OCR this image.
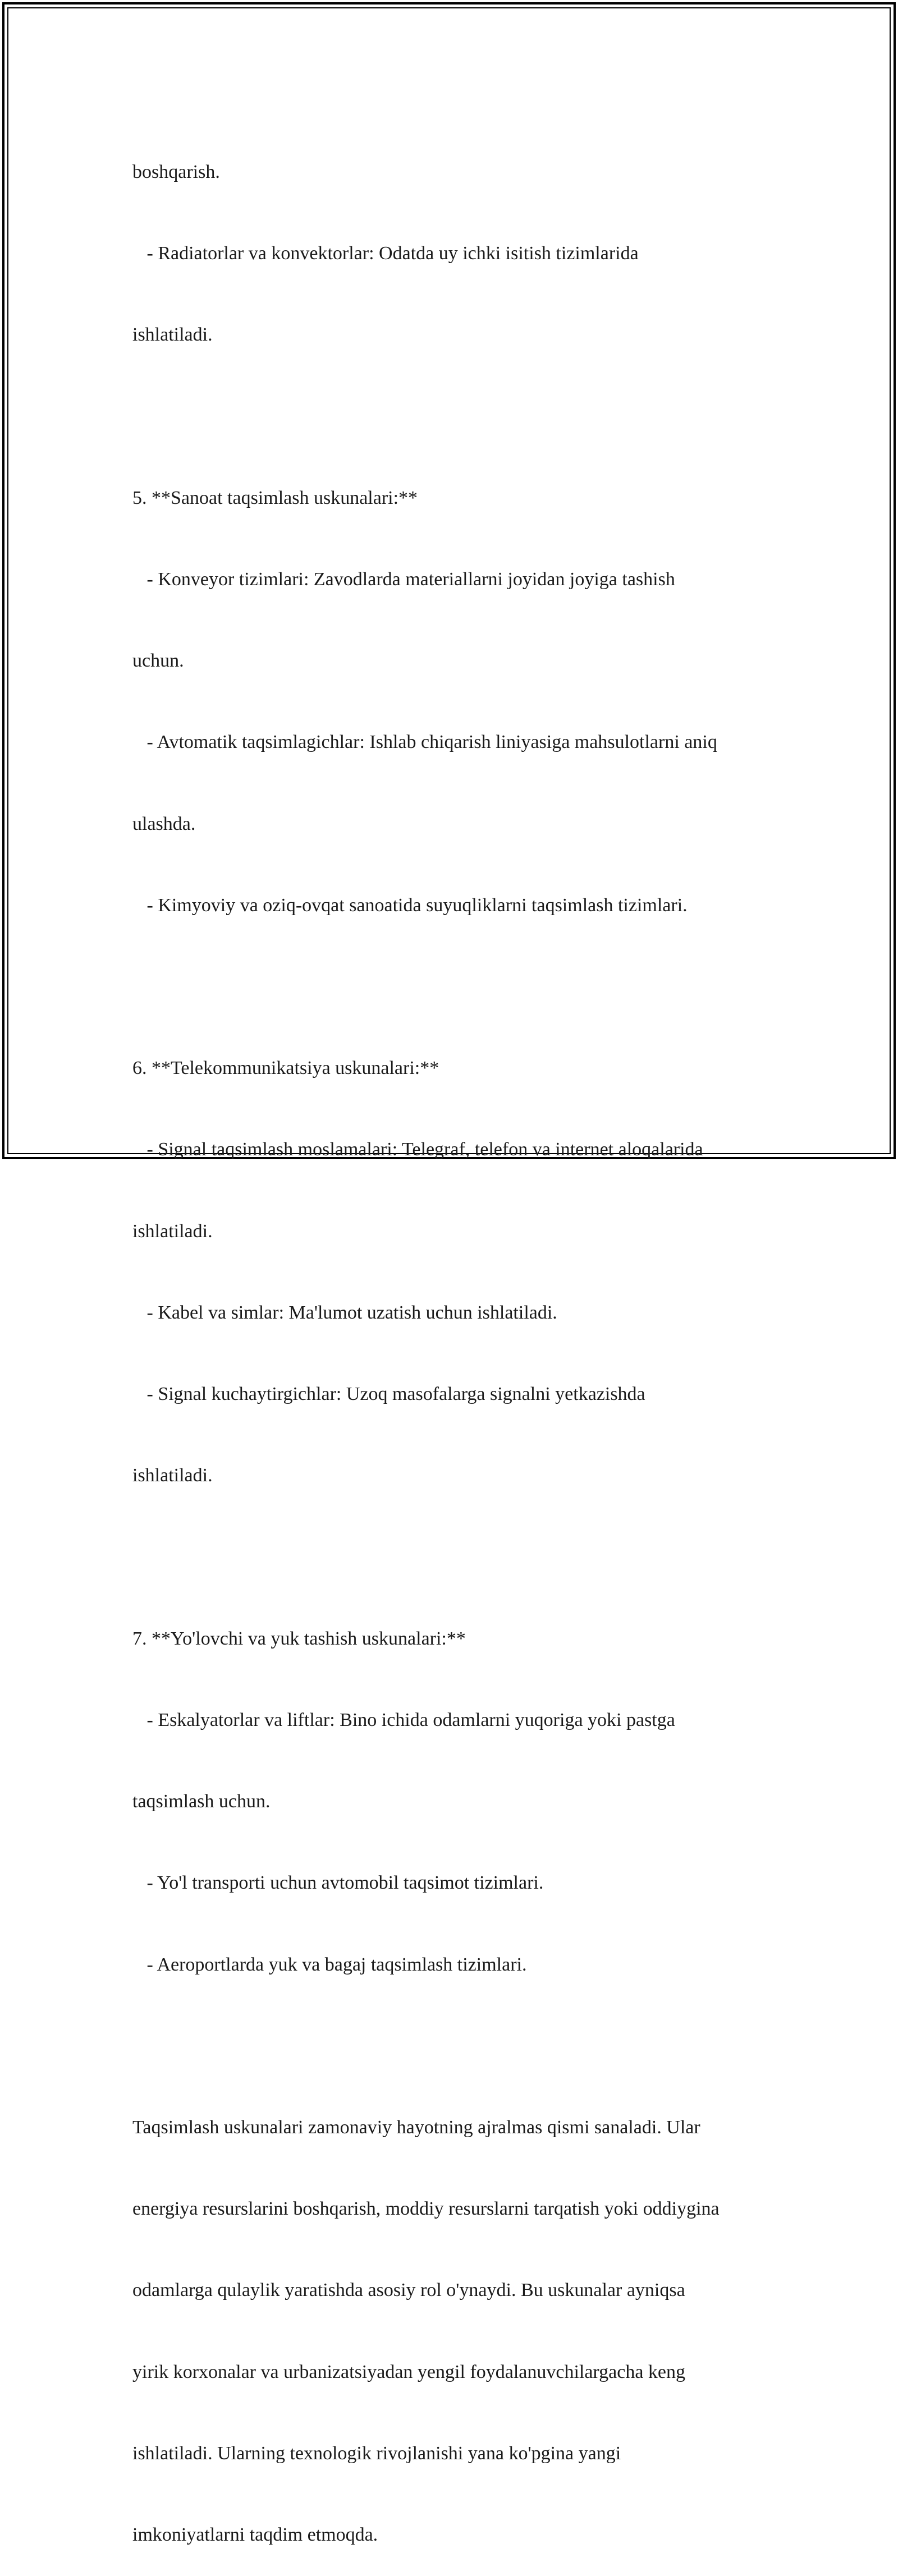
boshqarish.

- Radiatorlar va konvektorlar: Odatda uy ichki isitish tizimlarida

ishlatiladi.

5. **Sanoat taqsimlash uskunalari:**

- Konveyor tizimlari: Zavodlarda materiallarni joyidan joyiga tashish

uchun.

- Avtomatik taqsimlagichlar: Ishlab chiqarish liniyasiga mahsulotlarni aniq

ulashda.

- Kimyoviy va oziq-ovqat sanoatida suyuqliklarni taqsimlash tizimlari.

6. **Telekommunikatsiya uskunalari:**

- Signal taqsimlash moslamalari: Telegraf, telefon va internet aloqalarida

ishlatiladi.

- Kabel va simlar: Ma'lumot uzatish uchun ishlatiladi.

- Signal kuchaytirgichlar: Uzoq masofalarga signalni yetkazishda

ishlatiladi.

7. **Yo'lovchi va yuk tashish uskunalari:**

- Eskalyatorlar va liftlar: Bino ichida odamlarni yuqoriga yoki pastga

taqsimlash uchun.

- Yo'l transporti uchun avtomobil taqsimot tizimlari.

- Aeroportlarda yuk va bagaj taqsimlash tizimlari.

Taqsimlash uskunalari zamonaviy hayotning ajralmas qismi sanaladi. Ular

energiya resurslarini boshqarish, moddiy resurslarni tarqatish yoki oddiygina

odamlarga qulaylik yaratishda asosiy rol o'ynaydi. Bu uskunalar ayniqsa

yirik korxonalar va urbanizatsiyadan yengil foydalanuvchilargacha keng

ishlatiladi. Ularning texnologik rivojlanishi yana ko'pgina yangi

imkoniyatlarni taqdim etmoqda.
